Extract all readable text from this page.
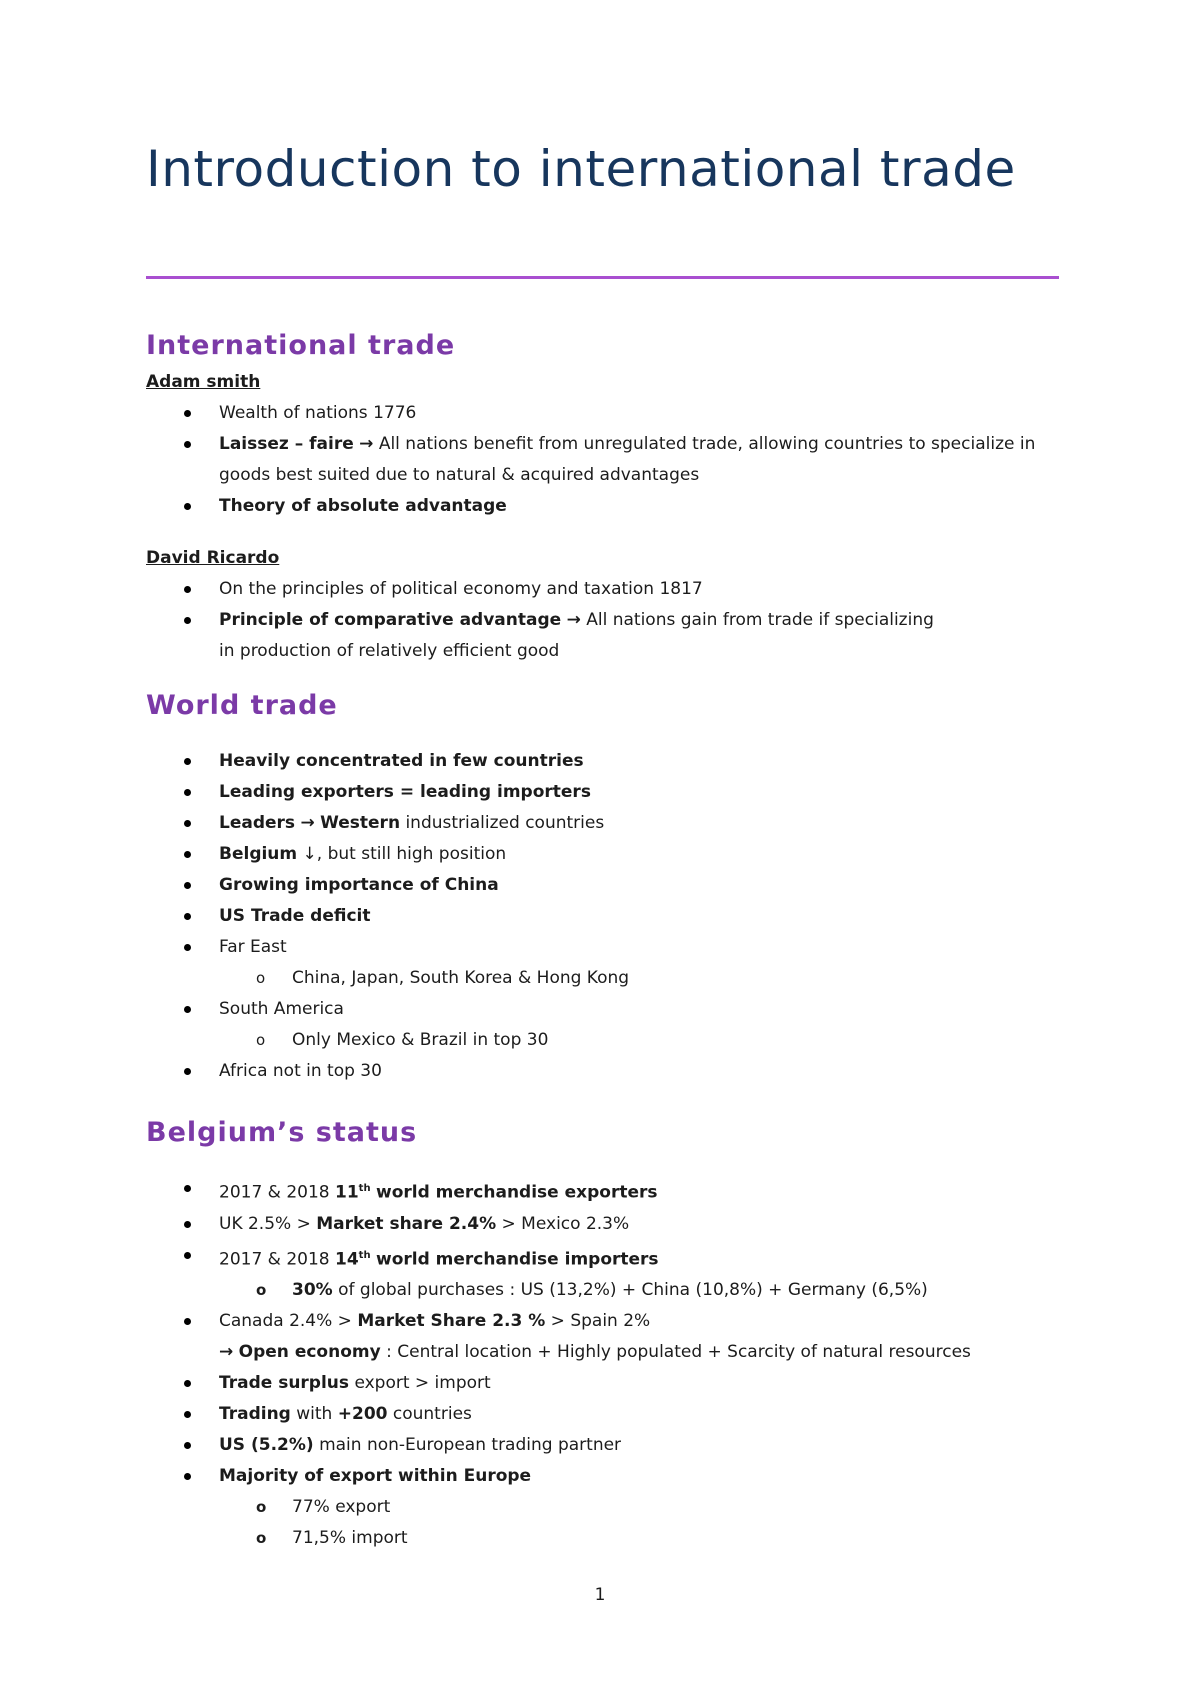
Introduction to international trade
International trade
Adam smith
Wealth of nations 1776
Laissez – faire → All nations benefit from unregulated trade, allowing countries to specialize in goods best suited due to natural & acquired advantages
Theory of absolute advantage
David Ricardo
On the principles of political economy and taxation 1817
Principle of comparative advantage → All nations gain from trade if specializing in production of relatively efficient good
World trade
Heavily concentrated in few countries
Leading exporters = leading importers
Leaders → Western industrialized countries
Belgium ↓, but still high position
Growing importance of China
US Trade deficit
Far East
o China, Japan, South Korea & Hong Kong
South America
o Only Mexico & Brazil in top 30
Africa not in top 30
Belgium’s status
2017 & 2018 11th world merchandise exporters
UK 2.5% > Market share 2.4% > Mexico 2.3%
2017 & 2018 14th world merchandise importers
o 30% of global purchases : US (13,2%) + China (10,8%) + Germany (6,5%)
Canada 2.4% > Market Share 2.3 % > Spain 2%
→ Open economy : Central location + Highly populated + Scarcity of natural resources
Trade surplus export > import
Trading with +200 countries
US (5.2%) main non-European trading partner
Majority of export within Europe
o 77% export
o 71,5% import
1
